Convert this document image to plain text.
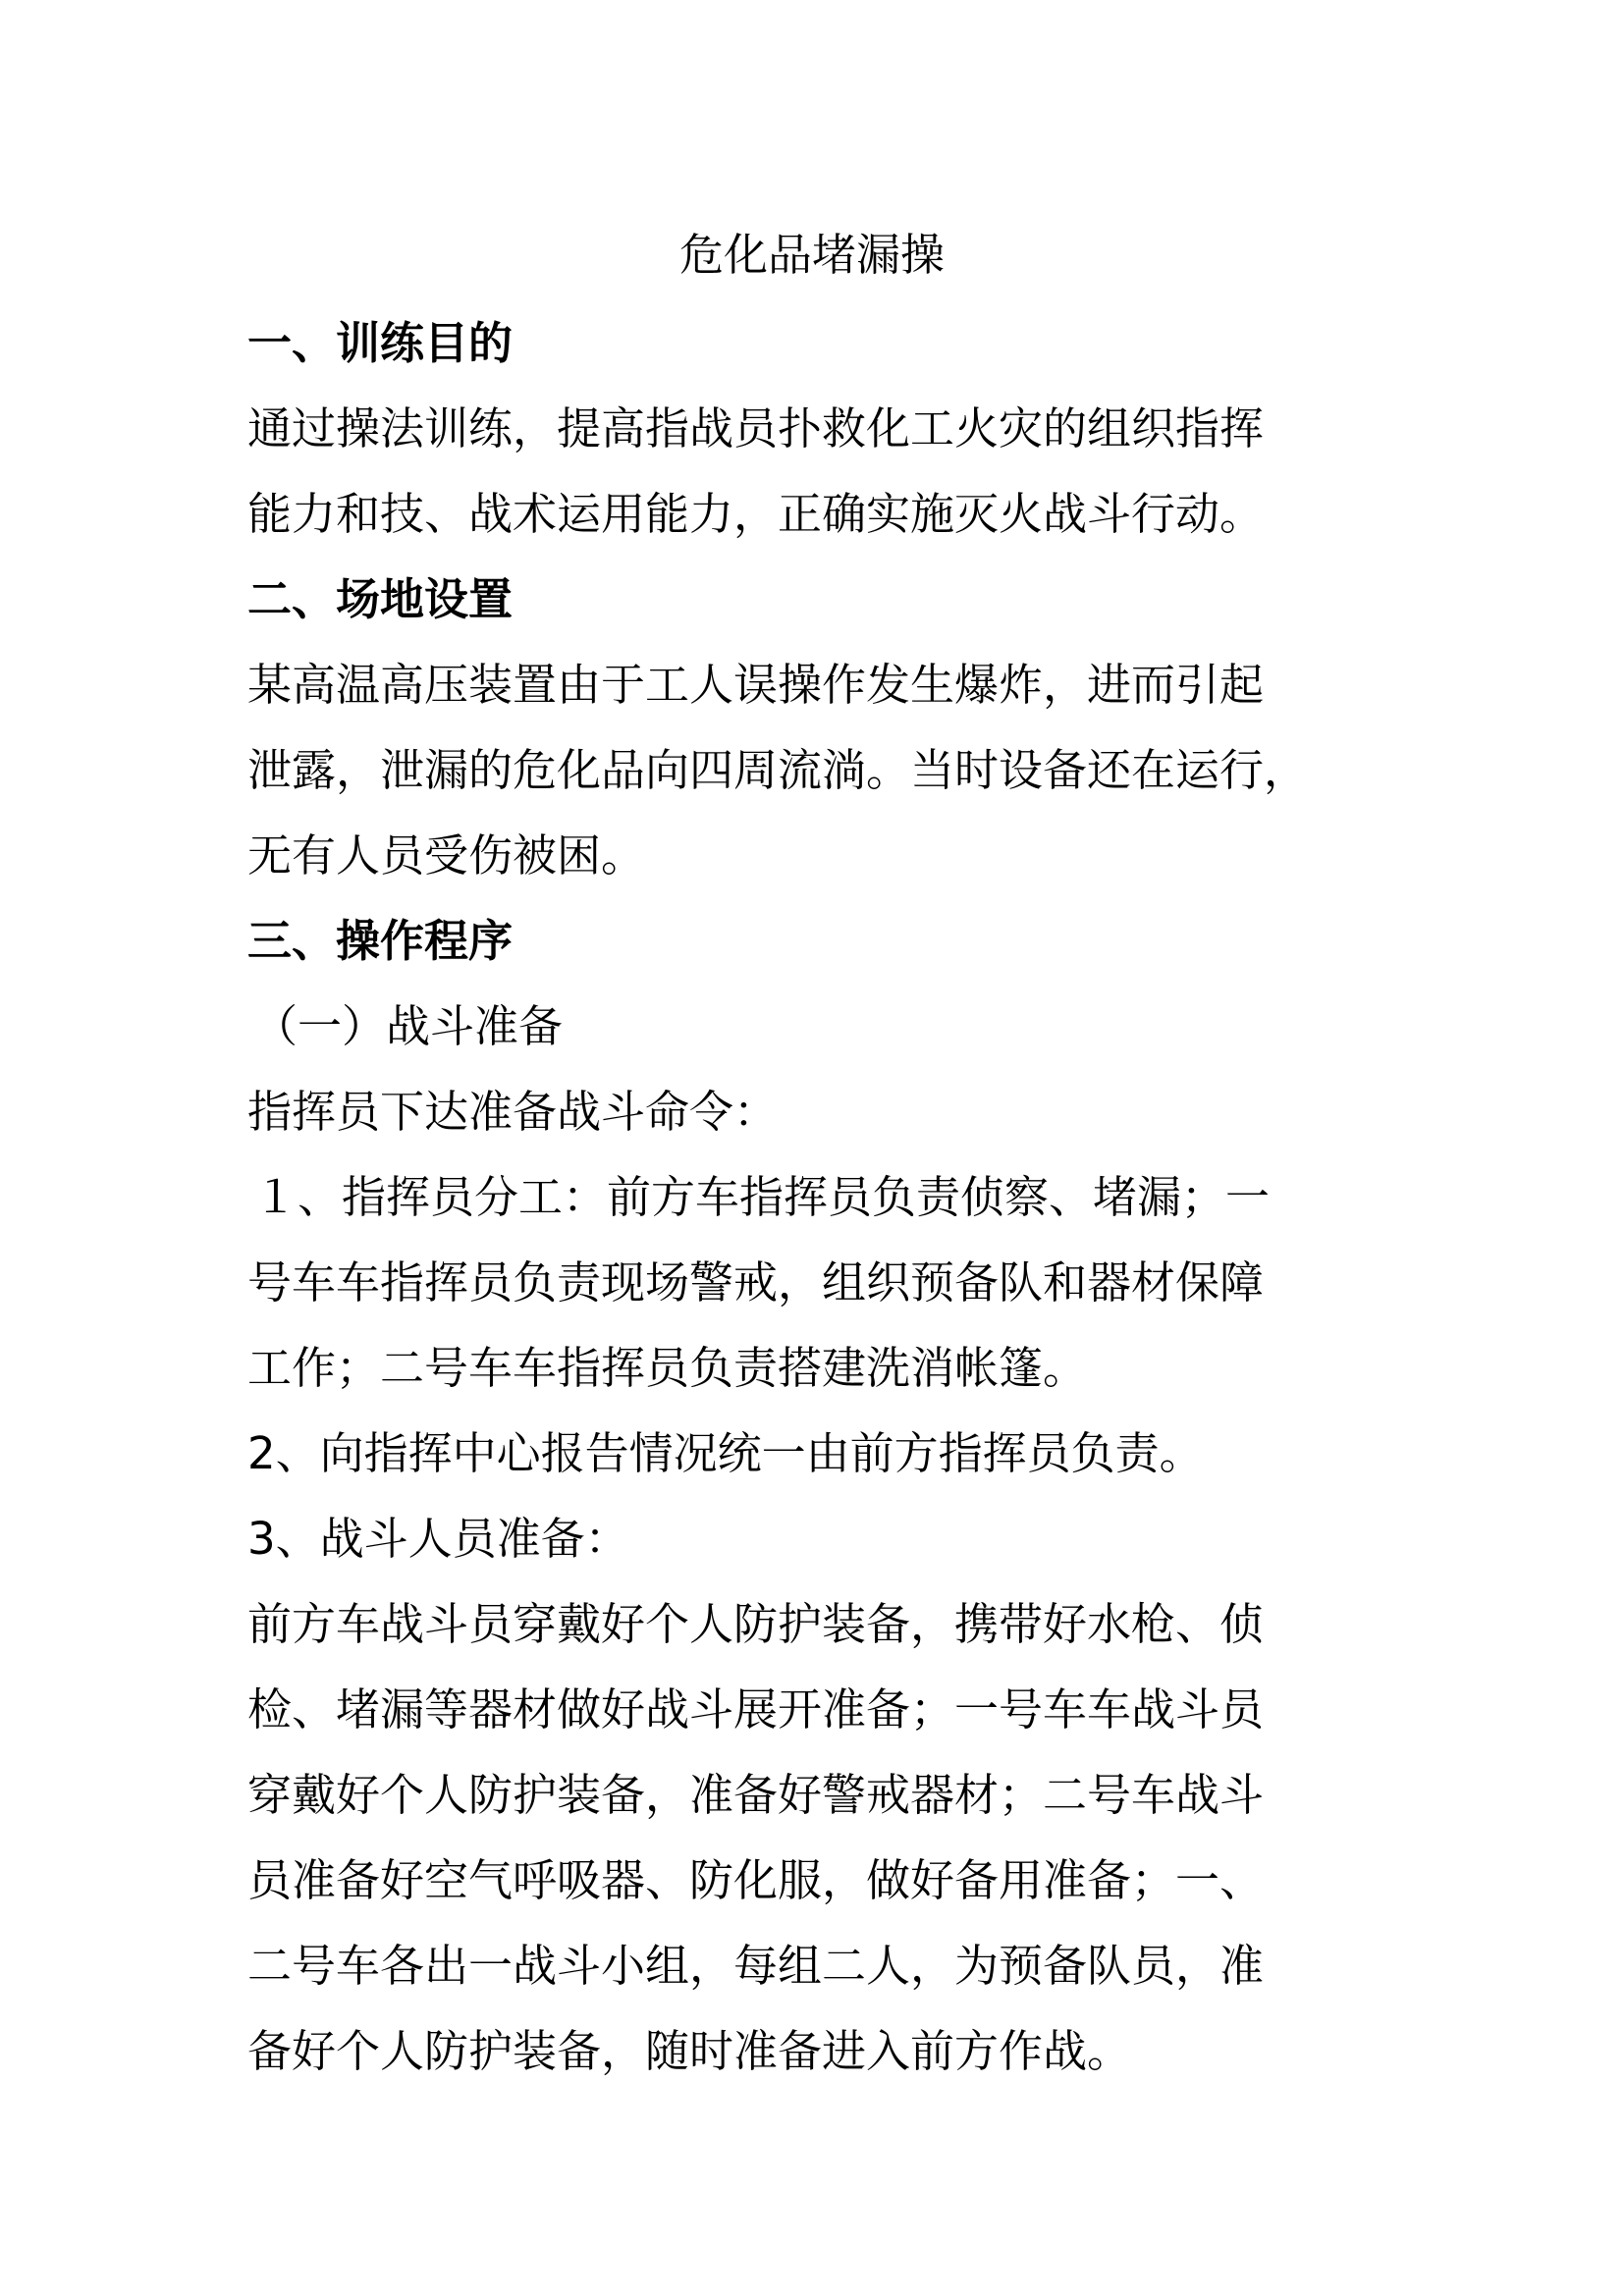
危化品堵漏操
一、训练目的
通过操法训练，提高指战员扑救化工火灾的组织指挥
能力和技、战术运用能力，正确实施灭火战斗行动。
二、场地设置
某高温高压装置由于工人误操作发生爆炸，进而引起
泄露，泄漏的危化品向四周流淌。当时设备还在运行，
无有人员受伤被困。
三、操作程序
（一）战斗准备
指挥员下达准备战斗命令：
１、指挥员分工：前方车指挥员负责侦察、堵漏；一
号车车指挥员负责现场警戒，组织预备队和器材保障
工作；二号车车指挥员负责搭建洗消帐篷。
2、向指挥中心报告情况统一由前方指挥员负责。
3、战斗人员准备：
前方车战斗员穿戴好个人防护装备，携带好水枪、侦
检、堵漏等器材做好战斗展开准备；一号车车战斗员
穿戴好个人防护装备，准备好警戒器材；二号车战斗
员准备好空气呼吸器、防化服，做好备用准备；一、
二号车各出一战斗小组，每组二人，为预备队员，准
备好个人防护装备，随时准备进入前方作战。
